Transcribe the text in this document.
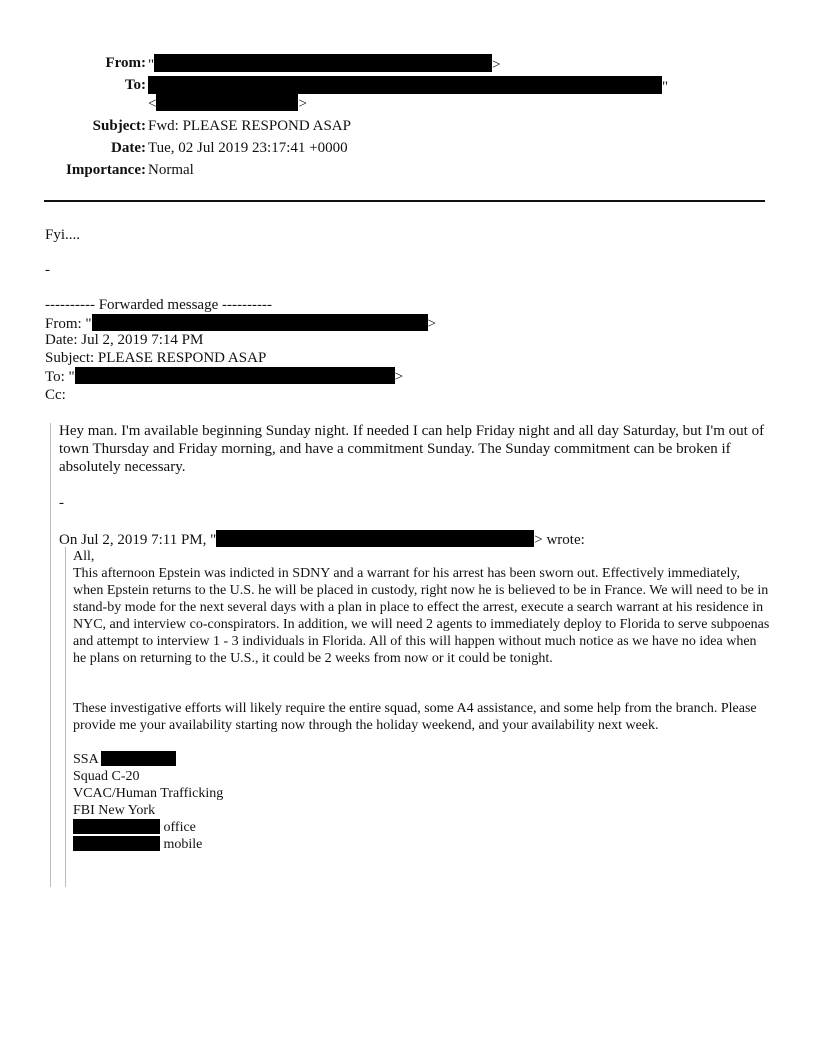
From: "	>
To:	"
<	>
Subject: Fwd: PLEASE RESPOND ASAP
Date: Tue, 02 Jul 2019 23:17:41 +0000
Importance: Normal
Fyi....
-
---------- Forwarded message ----------
From: "	>
Date: Jul 2, 2019 7:14 PM
Subject: PLEASE RESPOND ASAP
To: "	>
Cc:
Hey man. I'm available beginning Sunday night. If needed I can help Friday night and all day Saturday, but I'm out of town Thursday and Friday morning, and have a commitment Sunday. The Sunday commitment can be broken if absolutely necessary.
-
On Jul 2, 2019 7:11 PM, "	> wrote:
All,
This afternoon Epstein was indicted in SDNY and a warrant for his arrest has been sworn out. Effectively immediately, when Epstein returns to the U.S. he will be placed in custody, right now he is believed to be in France. We will need to be in stand-by mode for the next several days with a plan in place to effect the arrest, execute a search warrant at his residence in NYC, and interview co-conspirators. In addition, we will need 2 agents to immediately deploy to Florida to serve subpoenas and attempt to interview 1 - 3 individuals in Florida. All of this will happen without much notice as we have no idea when he plans on returning to the U.S., it could be 2 weeks from now or it could be tonight.
These investigative efforts will likely require the entire squad, some A4 assistance, and some help from the branch. Please provide me your availability starting now through the holiday weekend, and your availability next week.
SSA
Squad C-20
VCAC/Human Trafficking
FBI New York
office
mobile
